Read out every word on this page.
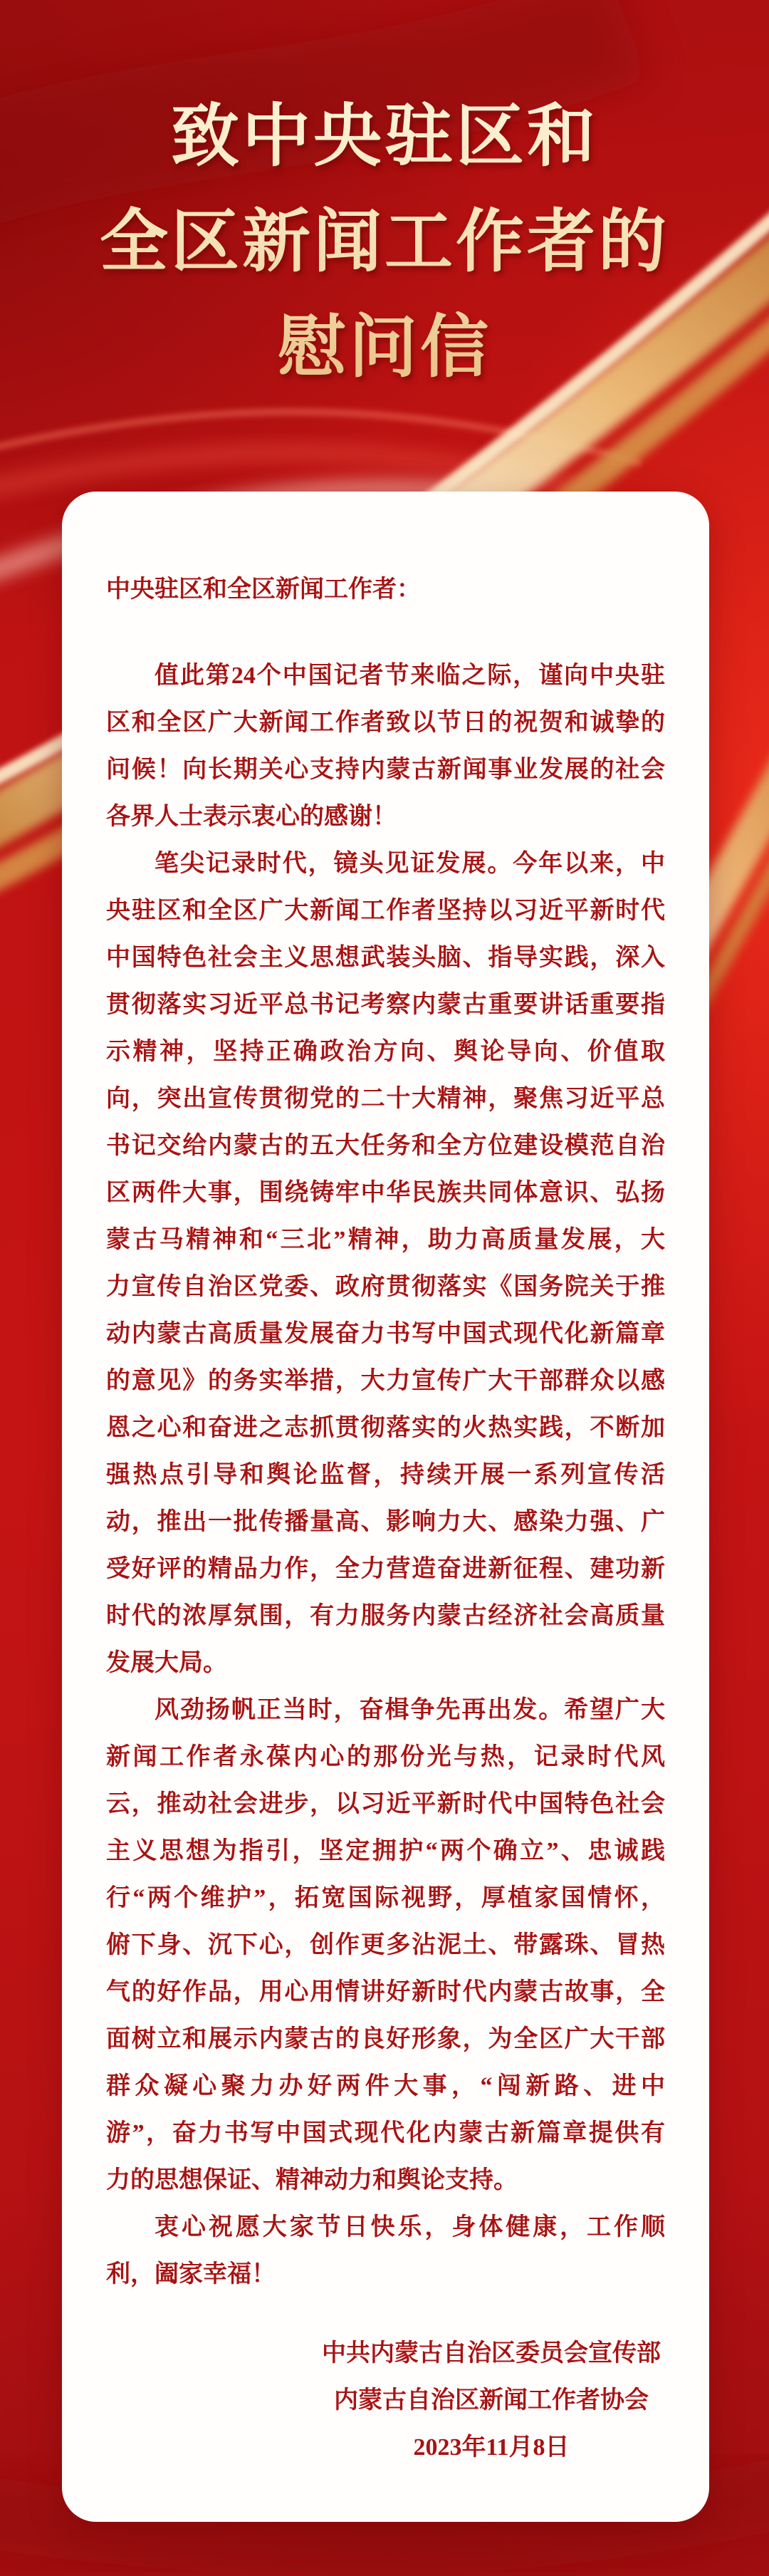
致中央驻区和
全区新闻工作者的
慰问信
中央驻区和全区新闻工作者：
值此第24个中国记者节来临之际，谨向中央驻
区和全区广大新闻工作者致以节日的祝贺和诚挚的
问候！向长期关心支持内蒙古新闻事业发展的社会
各界人士表示衷心的感谢！
笔尖记录时代，镜头见证发展。今年以来，中
央驻区和全区广大新闻工作者坚持以习近平新时代
中国特色社会主义思想武装头脑、指导实践，深入
贯彻落实习近平总书记考察内蒙古重要讲话重要指
示精神，坚持正确政治方向、舆论导向、价值取
向，突出宣传贯彻党的二十大精神，聚焦习近平总
书记交给内蒙古的五大任务和全方位建设模范自治
区两件大事，围绕铸牢中华民族共同体意识、弘扬
蒙古马精神和“三北”精神，助力高质量发展，大
力宣传自治区党委、政府贯彻落实《国务院关于推
动内蒙古高质量发展奋力书写中国式现代化新篇章
的意见》的务实举措，大力宣传广大干部群众以感
恩之心和奋进之志抓贯彻落实的火热实践，不断加
强热点引导和舆论监督，持续开展一系列宣传活
动，推出一批传播量高、影响力大、感染力强、广
受好评的精品力作，全力营造奋进新征程、建功新
时代的浓厚氛围，有力服务内蒙古经济社会高质量
发展大局。
风劲扬帆正当时，奋楫争先再出发。希望广大
新闻工作者永葆内心的那份光与热，记录时代风
云，推动社会进步，以习近平新时代中国特色社会
主义思想为指引，坚定拥护“两个确立”、忠诚践
行“两个维护”，拓宽国际视野，厚植家国情怀，
俯下身、沉下心，创作更多沾泥土、带露珠、冒热
气的好作品，用心用情讲好新时代内蒙古故事，全
面树立和展示内蒙古的良好形象，为全区广大干部
群众凝心聚力办好两件大事，“闯新路、进中
游”，奋力书写中国式现代化内蒙古新篇章提供有
力的思想保证、精神动力和舆论支持。
衷心祝愿大家节日快乐，身体健康，工作顺
利，阖家幸福！
中共内蒙古自治区委员会宣传部
内蒙古自治区新闻工作者协会
2023年11月8日
